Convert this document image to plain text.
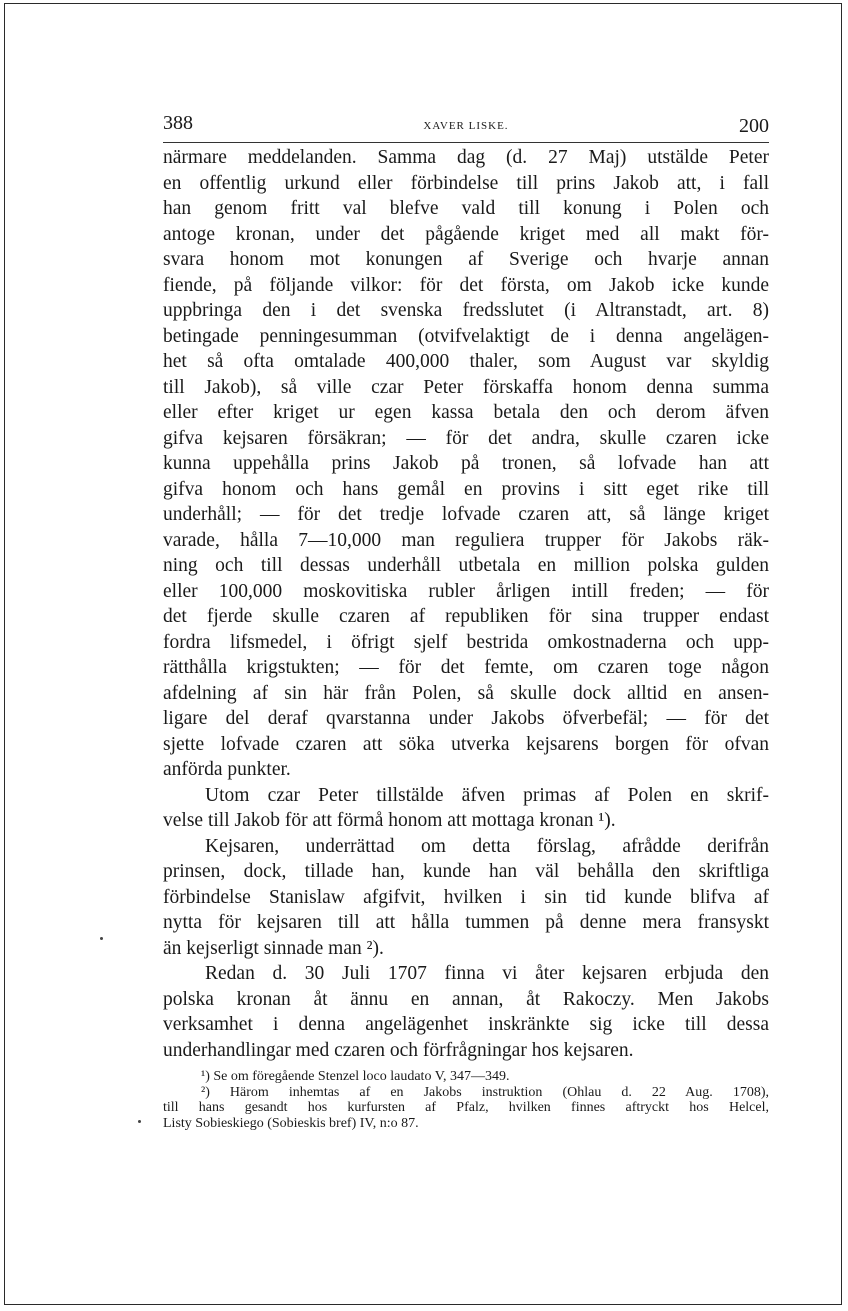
388	XAVER LISKE.	200
närmare meddelanden. Samma dag (d. 27 Maj) utstälde Peter
en offentlig urkund eller förbindelse till prins Jakob att, i fall
han genom fritt val blefve vald till konung i Polen och
antoge kronan, under det pågående kriget med all makt för-
svara honom mot konungen af Sverige och hvarje annan
fiende, på följande vilkor: för det första, om Jakob icke kunde
uppbringa den i det svenska fredsslutet (i Altranstadt, art. 8)
betingade penningesumman (otvifvelaktigt de i denna angelägen-
het så ofta omtalade 400,000 thaler, som August var skyldig
till Jakob), så ville czar Peter förskaffa honom denna summa
eller efter kriget ur egen kassa betala den och derom äfven
gifva kejsaren försäkran; — för det andra, skulle czaren icke
kunna uppehålla prins Jakob på tronen, så lofvade han att
gifva honom och hans gemål en provins i sitt eget rike till
underhåll; — för det tredje lofvade czaren att, så länge kriget
varade, hålla 7—10,000 man reguliera trupper för Jakobs räk-
ning och till dessas underhåll utbetala en million polska gulden
eller 100,000 moskovitiska rubler årligen intill freden; — för
det fjerde skulle czaren af republiken för sina trupper endast
fordra lifsmedel, i öfrigt sjelf bestrida omkostnaderna och upp-
rätthålla krigstukten; — för det femte, om czaren toge någon
afdelning af sin här från Polen, så skulle dock alltid en ansen-
ligare del deraf qvarstanna under Jakobs öfverbefäl; — för det
sjette lofvade czaren att söka utverka kejsarens borgen för ofvan
anförda punkter.
Utom czar Peter tillstälde äfven primas af Polen en skrif-
velse till Jakob för att förmå honom att mottaga kronan ¹).
Kejsaren, underrättad om detta förslag, afrådde derifrån
prinsen, dock, tillade han, kunde han väl behålla den skriftliga
förbindelse Stanislaw afgifvit, hvilken i sin tid kunde blifva af
nytta för kejsaren till att hålla tummen på denne mera fransyskt
än kejserligt sinnade man ²).
Redan d. 30 Juli 1707 finna vi åter kejsaren erbjuda den
polska kronan åt ännu en annan, åt Rakoczy. Men Jakobs
verksamhet i denna angelägenhet inskränkte sig icke till dessa
underhandlingar med czaren och förfrågningar hos kejsaren.
¹) Se om föregående Stenzel loco laudato V, 347—349.
²) Härom inhemtas af en Jakobs instruktion (Ohlau d. 22 Aug. 1708),
till hans gesandt hos kurfursten af Pfalz, hvilken finnes aftryckt hos Helcel,
Listy Sobieskiego (Sobieskis bref) IV, n:o 87.
